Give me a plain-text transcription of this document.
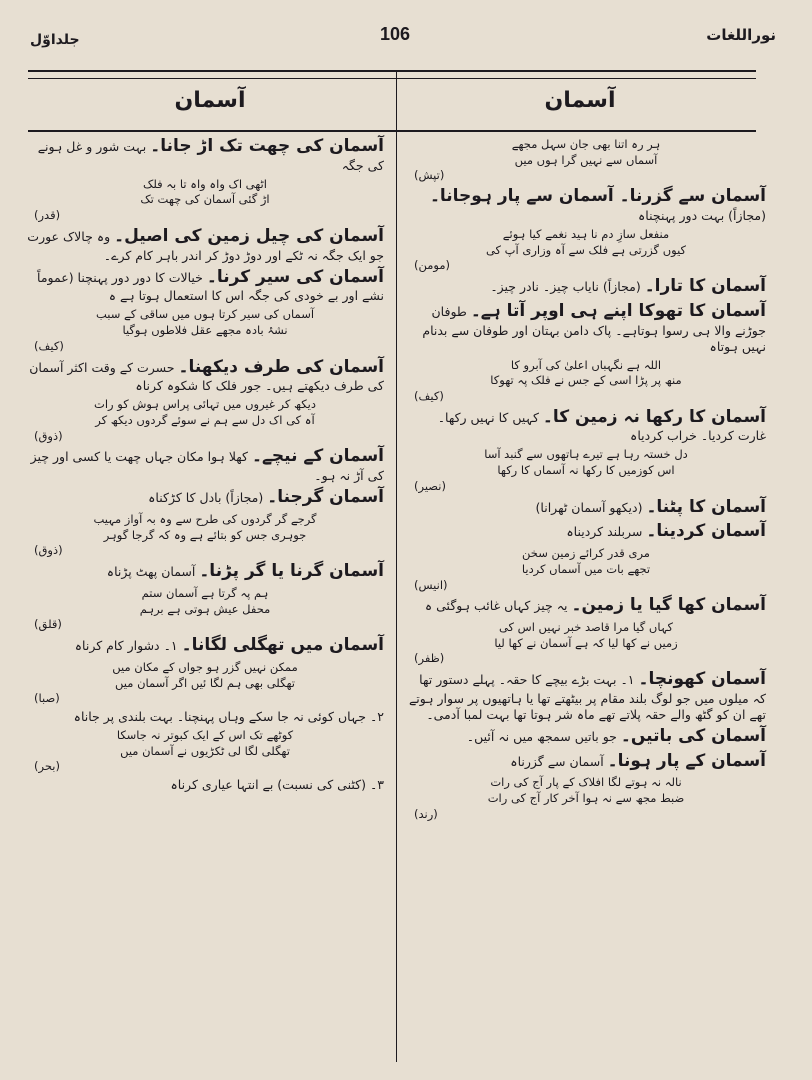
نوراللغات
106
جلداوّل
آسمان
آسمان
ہر رہ اتنا بھی جان سہل مجھے
آسماں سے نہیں گرا ہوں میں
(تپش)
آسمان سے گزرنا۔ آسمان سے پار ہوجانا۔ (مجازاً) بہت دور پہنچناہ
منفعل سازِ دم نا ہید نغمے کیا ہوئے
کیوں گزرتی ہے فلک سے آہ وزاری آپ کی
(مومن)
آسمان کا تارا۔ (مجازاً) نایاب چیز۔ نادر چیز۔
آسمان کا تھوکا اپنے ہی اوپر آتا ہے۔ طوفان جوڑنے والا ہی رسوا ہوتاہے۔ پاک دامن بہتان اور طوفان سے بدنام نہیں ہوتاہ
اللہ ہے نگہباں اعلیٰ کی آبرو کا
منھ پر پڑا اسی کے جس نے فلک پہ تھوکا
(کیف)
آسمان کا رکھا نہ زمین کا۔ کہیں کا نہیں رکھا۔ غارت کردیا۔ خراب کردیاہ
دل خستہ رہا ہے تیرے ہاتھوں سے گنبد آسا
اس کوزمیں کا رکھا نہ آسماں کا رکھا
(نصیر)
آسمان کا پٹنا۔ (دیکھو آسمان ٹھرانا)
آسمان کردینا۔ سربلند کردیناہ
مری قدر کرائے زمین سخن
تجھے بات میں آسماں کردیا
(انیس)
آسمان کھا گیا یا زمین۔ یہ چیز کہاں غائب ہوگئی ہ
کہاں گیا مرا قاصد خبر نہیں اس کی
زمیں نے کھا لیا کہ ہے آسمان نے کھا لیا
(ظفر)
آسمان کھونچا۔ ۱۔ بہت بڑے بیچے کا حقہ۔ پہلے دستور تھا کہ میلوں میں جو لوگ بلند مقام پر بیٹھتے تھا یا ہاتھیوں پر سوار ہوتے تھے ان کو گٹھ والے حقہ پلاتے تھے ماہ شر ہوتا تھا بہت لمبا آدمی۔
آسمان کی باتیں۔ جو باتیں سمجھ میں نہ آئیں۔
آسمان کے پار ہونا۔ آسمان سے گزرناہ
نالہ نہ ہوتے لگا افلاک کے پار آج کی رات
ضبط مجھ سے نہ ہوا آخر کار آج کی رات
(رند)
آسمان کی چھت تک اڑ جانا۔ بہت شور و غل ہونے کی جگہ
اٹھی اک واہ واہ تا بہ فلک
اڑ گئی آسمان کی چھت تک
(قدر)
آسمان کی چیل زمین کی اصیل۔ وہ چالاک عورت جو ایک جگہ نہ ٹکے اور دوڑ دوڑ کر اندر باہر کام کرے۔
آسمان کی سیر کرنا۔ خیالات کا دور دور پہنچنا (عموماً نشے اور بے خودی کی جگہ اس کا استعمال ہوتا ہے ہ
آسماں کی سیر کرتا ہوں میں ساقی کے سبب
نشۂ بادہ مجھے عقل فلاطوں ہوگیا
(کیف)
آسمان کی طرف دیکھنا۔ حسرت کے وقت اکثر آسمان کی طرف دیکھتے ہیں۔ جور فلک کا شکوہ کرناہ
دیکھ کر غیروں میں تہائی پراس ہوش کو رات
آہ کی اک دل سے ہم نے سوئے گردوں دیکھ کر
(ذوق)
آسمان کے نیچے۔ کھلا ہوا مکان جہاں چھت یا کسی اور چیز کی آڑ نہ ہو۔
آسمان گرجنا۔ (مجازاً) بادل کا کڑکناہ
گرجے گر گردوں کی طرح سے وہ بہ آواز مہیب
جوہری جس کو بتائے ہے وہ کہ گرجا گوہر
(ذوق)
آسمان گرنا یا گر پڑنا۔ آسمان پھٹ پڑناہ
ہم پہ گرتا ہے آسمان ستم
محفل عیش ہوتی ہے برہم
(قلق)
آسمان میں تھگلی لگانا۔ ۱۔ دشوار کام کرناہ
ممکن نہیں گزر ہو جواں کے مکان میں
تھگلی بھی ہم لگا ئیں اگر آسمان میں
(صبا)
۲۔ جہاں کوئی نہ جا سکے وہاں پہنچنا۔ بہت بلندی پر جاناہ
کوٹھے تک اس کے ایک کبوتر نہ جاسکا
تھگلی لگا لی ٹکڑیوں نے آسمان میں
(بحر)
۳۔ (کٹنی کی نسبت) بے انتہا عیاری کرناہ
